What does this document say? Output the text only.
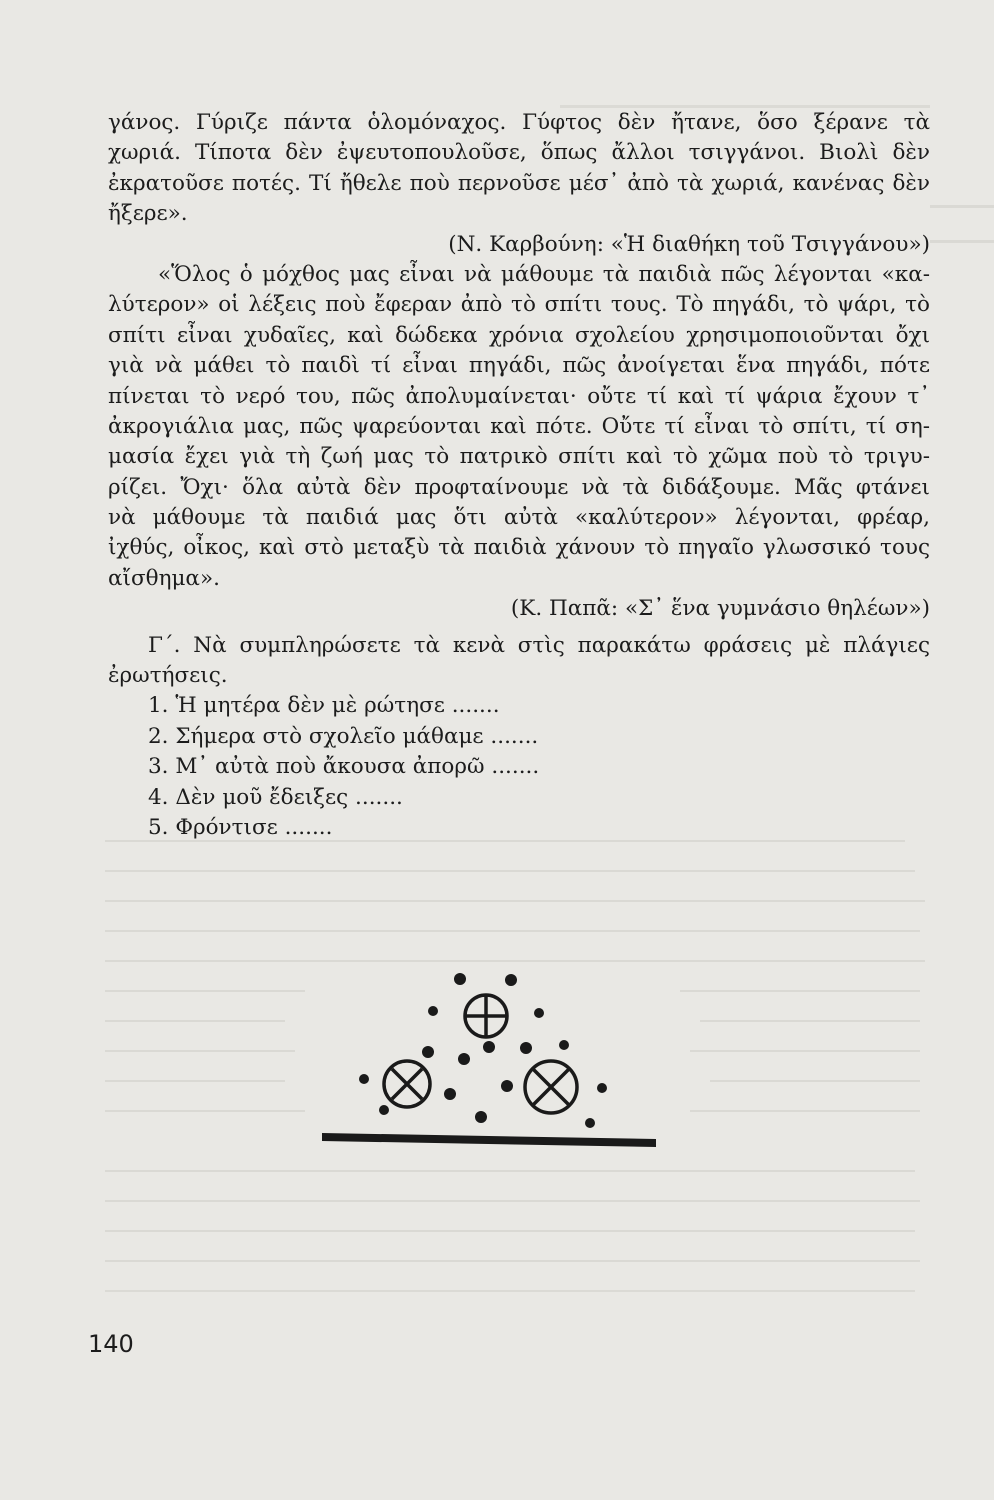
γάνος. Γύριζε πάντα ὁλομόναχος. Γύφτος δὲν ἤτανε, ὅσο ξέρανε τὰ
χωριά. Τίποτα δὲν ἐψευτοπουλοῦσε, ὅπως ἄλλοι τσιγγάνοι. Βιολὶ δὲν
ἐκρατοῦσε ποτές. Τί ἤθελε ποὺ περνοῦσε μέσ᾽ ἀπὸ τὰ χωριά, κανένας δὲν
ἤξερε».
(Ν. Καρβούνη: «Ἡ διαθήκη τοῦ Τσιγγάνου»)
«Ὅλος ὁ μόχθος μας εἶναι νὰ μάθουμε τὰ παιδιὰ πῶς λέγονται «κα-
λύτερον» οἱ λέξεις ποὺ ἔφεραν ἀπὸ τὸ σπίτι τους. Τὸ πηγάδι, τὸ ψάρι, τὸ
σπίτι εἶναι χυδαῖες, καὶ δώδεκα χρόνια σχολείου χρησιμοποιοῦνται ὄχι
γιὰ νὰ μάθει τὸ παιδὶ τί εἶναι πηγάδι, πῶς ἀνοίγεται ἕνα πηγάδι, πότε
πίνεται τὸ νερό του, πῶς ἀπολυμαίνεται· οὔτε τί καὶ τί ψάρια ἔχουν τ᾽
ἀκρογιάλια μας, πῶς ψαρεύονται καὶ πότε. Οὔτε τί εἶναι τὸ σπίτι, τί ση-
μασία ἔχει γιὰ τὴ ζωή μας τὸ πατρικὸ σπίτι καὶ τὸ χῶμα ποὺ τὸ τριγυ-
ρίζει. Ὄχι· ὅλα αὐτὰ δὲν προφταίνουμε νὰ τὰ διδάξουμε. Μᾶς φτάνει
νὰ μάθουμε τὰ παιδιά μας ὅτι αὐτὰ «καλύτερον» λέγονται, φρέαρ,
ἰχθύς, οἶκος, καὶ στὸ μεταξὺ τὰ παιδιὰ χάνουν τὸ πηγαῖο γλωσσικό τους
αἴσθημα».
(Κ. Παπᾶ: «Σ᾽ ἕνα γυμνάσιο θηλέων»)
Γ΄. Νὰ συμπληρώσετε τὰ κενὰ στὶς παρακάτω φράσεις μὲ πλάγιες
ἐρωτήσεις.
1. Ἡ μητέρα δὲν μὲ ρώτησε .......
2. Σήμερα στὸ σχολεῖο μάθαμε .......
3. Μ᾽ αὐτὰ ποὺ ἄκουσα ἀπορῶ .......
4. Δὲν μοῦ ἔδειξες .......
5. Φρόντισε .......
140
